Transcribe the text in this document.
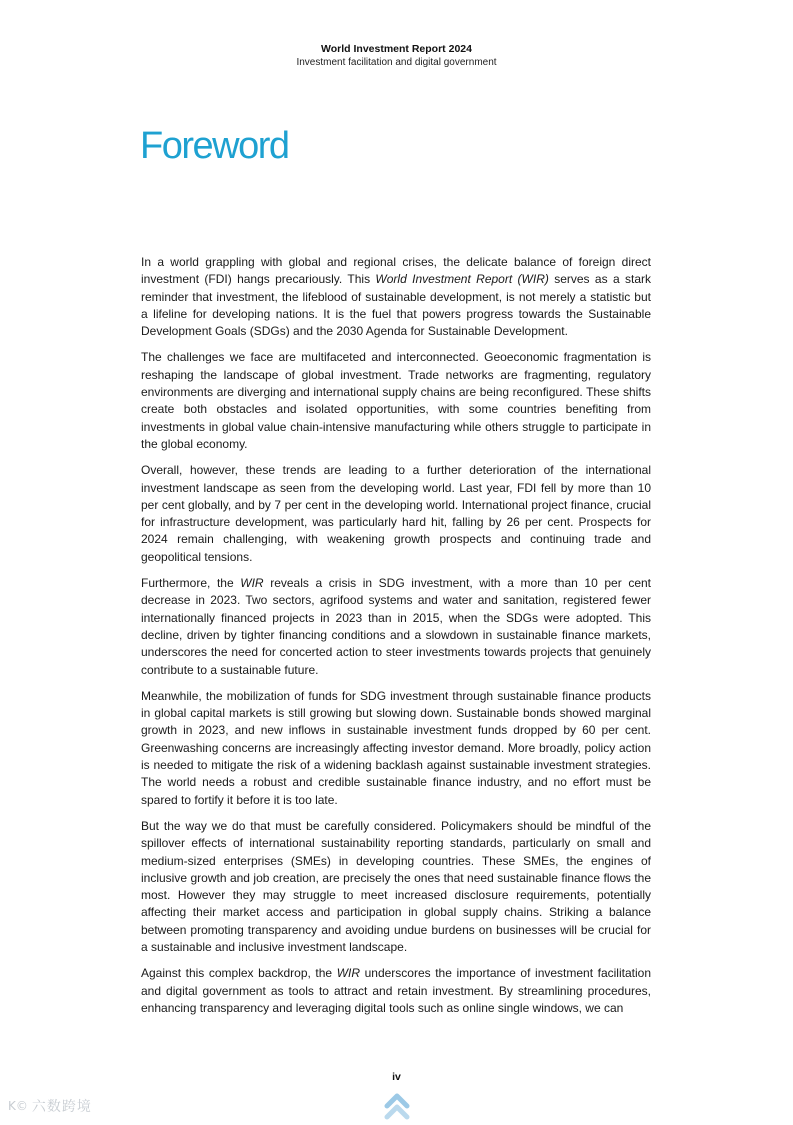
World Investment Report 2024
Investment facilitation and digital government
Foreword

In a world grappling with global and regional crises, the delicate balance of foreign direct investment (FDI) hangs precariously. This World Investment Report (WIR) serves as a stark reminder that investment, the lifeblood of sustainable development, is not merely a statistic but a lifeline for developing nations. It is the fuel that powers progress towards the Sustainable Development Goals (SDGs) and the 2030 Agenda for Sustainable Development.

The challenges we face are multifaceted and interconnected. Geoeconomic fragmentation is reshaping the landscape of global investment. Trade networks are fragmenting, regulatory environments are diverging and international supply chains are being reconfigured. These shifts create both obstacles and isolated opportunities, with some countries benefiting from investments in global value chain-intensive manufacturing while others struggle to participate in the global economy.

Overall, however, these trends are leading to a further deterioration of the international investment landscape as seen from the developing world. Last year, FDI fell by more than 10 per cent globally, and by 7 per cent in the developing world. International project finance, crucial for infrastructure development, was particularly hard hit, falling by 26 per cent. Prospects for 2024 remain challenging, with weakening growth prospects and continuing trade and geopolitical tensions.

Furthermore, the WIR reveals a crisis in SDG investment, with a more than 10 per cent decrease in 2023. Two sectors, agrifood systems and water and sanitation, registered fewer internationally financed projects in 2023 than in 2015, when the SDGs were adopted. This decline, driven by tighter financing conditions and a slowdown in sustainable finance markets, underscores the need for concerted action to steer investments towards projects that genuinely contribute to a sustainable future.

Meanwhile, the mobilization of funds for SDG investment through sustainable finance products in global capital markets is still growing but slowing down. Sustainable bonds showed marginal growth in 2023, and new inflows in sustainable investment funds dropped by 60 per cent. Greenwashing concerns are increasingly affecting investor demand. More broadly, policy action is needed to mitigate the risk of a widening backlash against sustainable investment strategies. The world needs a robust and credible sustainable finance industry, and no effort must be spared to fortify it before it is too late.

But the way we do that must be carefully considered. Policymakers should be mindful of the spillover effects of international sustainability reporting standards, particularly on small and medium-sized enterprises (SMEs) in developing countries. These SMEs, the engines of inclusive growth and job creation, are precisely the ones that need sustainable finance flows the most. However they may struggle to meet increased disclosure requirements, potentially affecting their market access and participation in global supply chains. Striking a balance between promoting transparency and avoiding undue burdens on businesses will be crucial for a sustainable and inclusive investment landscape.

Against this complex backdrop, the WIR underscores the importance of investment facilitation and digital government as tools to attract and retain investment. By streamlining procedures, enhancing transparency and leveraging digital tools such as online single windows, we can

iv
K© 六数跨境
